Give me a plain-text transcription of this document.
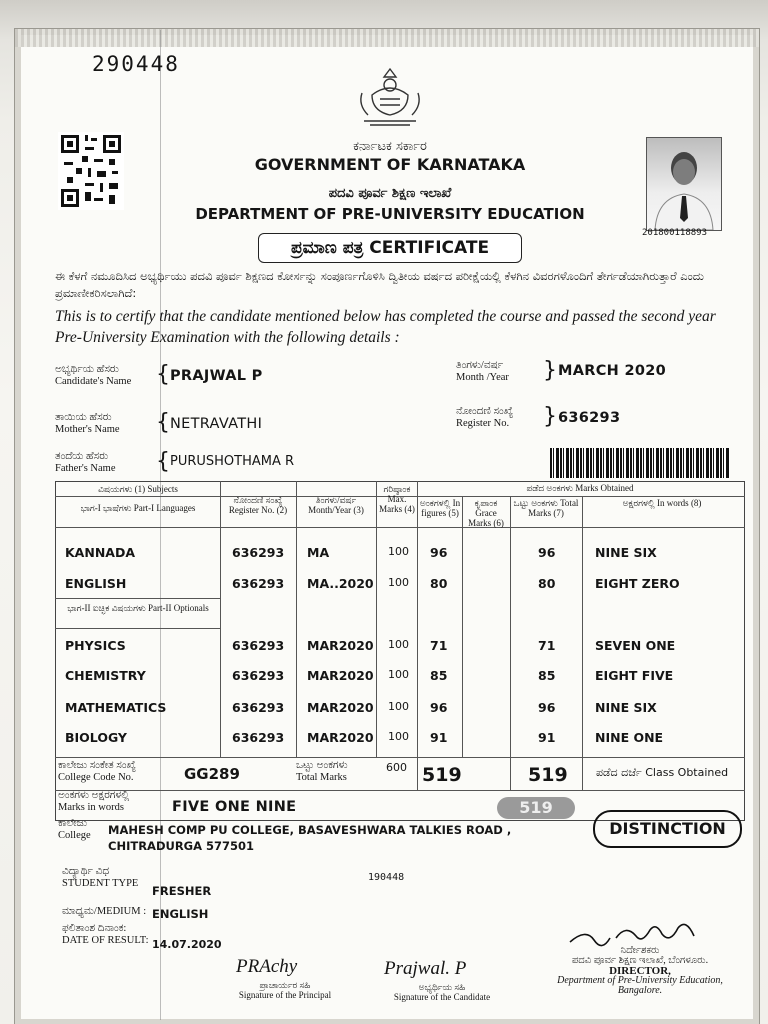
290448
ಕರ್ನಾಟಕ ಸರ್ಕಾರ
GOVERNMENT OF KARNATAKA
ಪದವಿ ಪೂರ್ವ ಶಿಕ್ಷಣ ಇಲಾಖೆ
DEPARTMENT OF PRE-UNIVERSITY EDUCATION
ಪ್ರಮಾಣ ಪತ್ರ CERTIFICATE
201800118893
ಈ ಕೆಳಗೆ ನಮೂದಿಸಿದ ಅಭ್ಯರ್ಥಿಯು ಪದವಿ ಪೂರ್ವ ಶಿಕ್ಷಣದ ಕೋರ್ಸನ್ನು ಸಂಪೂರ್ಣಗೊಳಿಸಿ ದ್ವಿತೀಯ ವರ್ಷದ ಪರೀಕ್ಷೆಯಲ್ಲಿ ಕೆಳಗಿನ ವಿವರಗಳೊಂದಿಗೆ ತೇರ್ಗಡೆಯಾಗಿರುತ್ತಾರೆ ಎಂದು ಪ್ರಮಾಣೀಕರಿಸಲಾಗಿದೆ:
This is to certify that the candidate mentioned below has completed the course and passed the second year Pre-University Examination with the following details :
ಅಭ್ಯರ್ಥಿಯ ಹೆಸರು
Candidate's Name { PRAJWAL P
ತಿಂಗಳು/ವರ್ಷ
Month /Year } MARCH 2020
ತಾಯಿಯ ಹೆಸರು
Mother's Name { NETRAVATHI
ನೋಂದಣಿ ಸಂಖ್ಯೆ
Register No. } 636293
ತಂದೆಯ ಹೆಸರು
Father's Name { PURUSHOTHAMA R
ವಿಷಯಗಳು (1) Subjects
ಭಾಗ-I ಭಾಷೆಗಳು Part-I Languages
ನೋಂದಣಿ ಸಂಖ್ಯೆ Register No. (2)
ತಿಂಗಳು/ವರ್ಷ Month/Year (3)
ಗರಿಷ್ಠಾಂಕ Max. Marks (4)
ಪಡೆದ ಅಂಕಗಳು Marks Obtained
ಅಂಕಗಳಲ್ಲಿ In figures (5)
ಕೃಪಾಂಕ Grace Marks (6)
ಒಟ್ಟು ಅಂಕಗಳು Total Marks (7)
ಅಕ್ಷರಗಳಲ್ಲಿ In words (8)
ಭಾಗ-II ಐಚ್ಛಿಕ ವಿಷಯಗಳು Part-II Optionals
KANNADA	636293 MA	100 96	96	NINE SIX
ENGLISH	636293 MA..2020 100 80	80	EIGHT ZERO
PHYSICS	636293 MAR2020 100 71	71	SEVEN ONE
CHEMISTRY	636293 MAR2020 100 85	85	EIGHT FIVE
MATHEMATICS	636293 MAR2020 100 96	96	NINE SIX
BIOLOGY	636293 MAR2020 100 91	91	NINE ONE
ಕಾಲೇಜು ಸಂಕೇತ ಸಂಖ್ಯೆ
College Code No.	GG289	ಒಟ್ಟು ಅಂಕಗಳು
Total Marks
600 519	519	ಪಡೆದ ದರ್ಜೆ Class Obtained
ಅಂಕಗಳು ಅಕ್ಷರಗಳಲ್ಲಿ
Marks in words	FIVE ONE NINE	519
ಕಾಲೇಜು
College MAHESH COMP PU COLLEGE, BASAVESHWARA TALKIES ROAD ,
CHITRADURGA 577501
DISTINCTION
190448
ವಿದ್ಯಾರ್ಥಿ ವಿಧ
STUDENT TYPE
FRESHER
ಮಾಧ್ಯಮ/MEDIUM : ENGLISH
ಫಲಿತಾಂಶ ದಿನಾಂಕ:
DATE OF RESULT: 14.07.2020
PRAchy
ಪ್ರಾಚಾರ್ಯರ ಸಹಿ
Signature of the Principal
Prajwal. P
ಅಭ್ಯರ್ಥಿಯ ಸಹಿ
Signature of the Candidate
ನಿರ್ದೇಶಕರು
ಪದವಿ ಪೂರ್ವ ಶಿಕ್ಷಣ ಇಲಾಖೆ, ಬೆಂಗಳೂರು.
DIRECTOR,
Department of Pre-University Education,
Bangalore.
